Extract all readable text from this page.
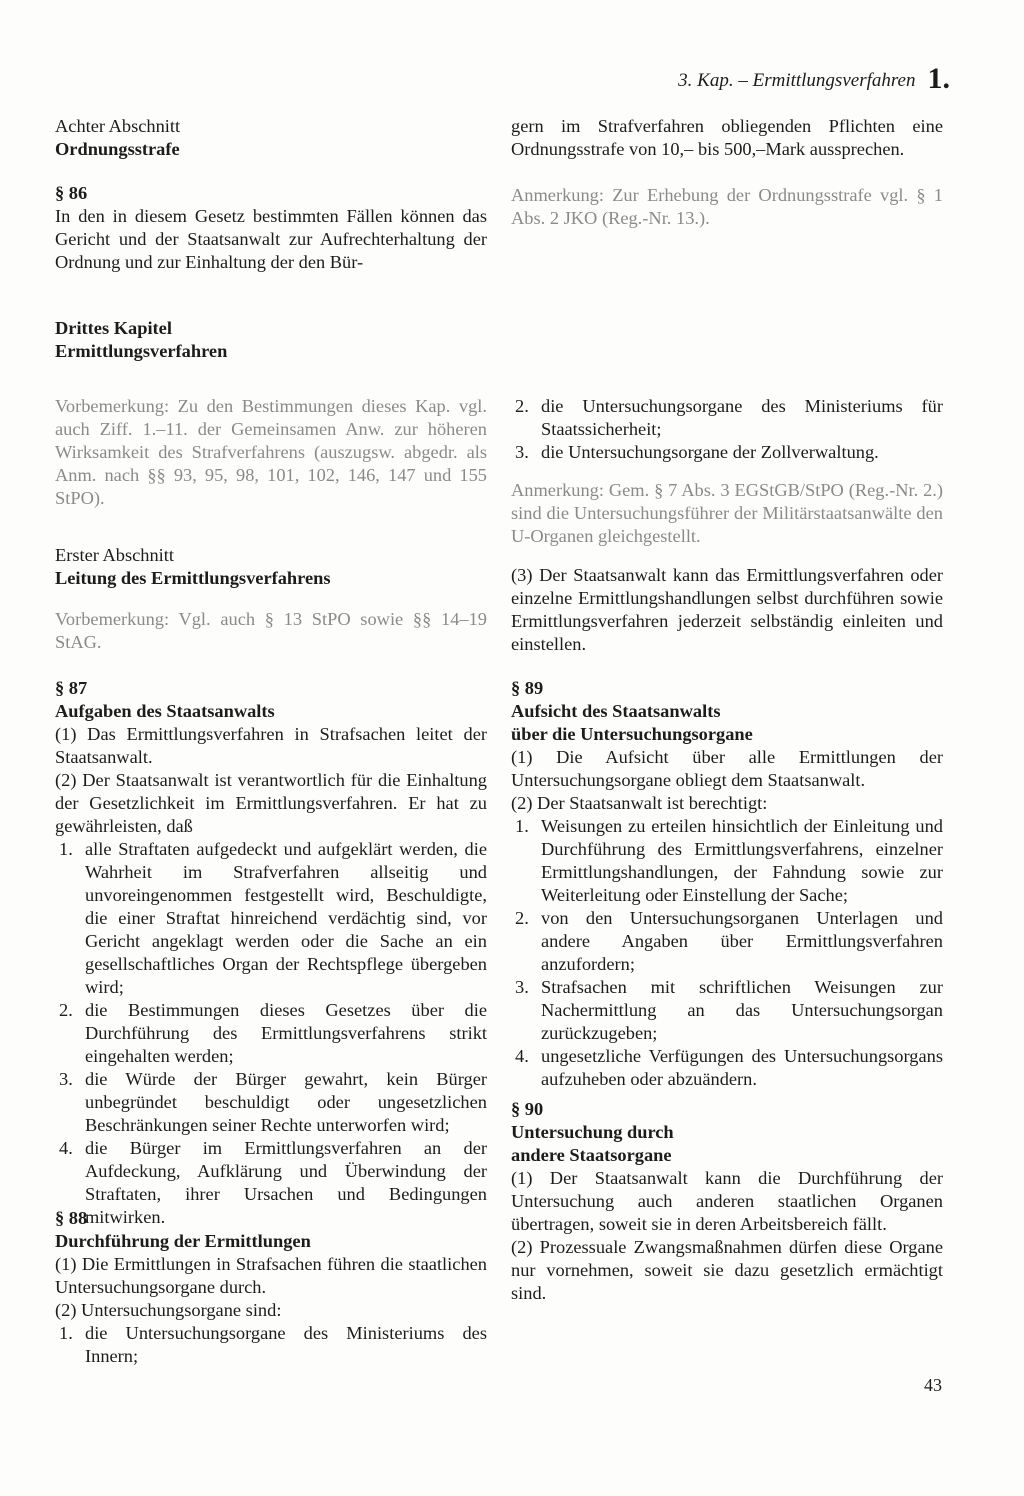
3. Kap. – Ermittlungsverfahren 1.
Achter Abschnitt
Ordnungsstrafe
§ 86

In den in diesem Gesetz bestimmten Fällen können das Gericht und der Staatsanwalt zur Aufrechterhaltung der Ordnung und zur Einhaltung der den Bür-

gern im Strafverfahren obliegenden Pflichten eine Ordnungsstrafe von 10,– bis 500,–Mark aussprechen.

Anmerkung: Zur Erhebung der Ordnungsstrafe vgl. § 1 Abs. 2 JKO (Reg.-Nr. 13.).

Drittes Kapitel
Ermittlungsverfahren

Vorbemerkung: Zu den Bestimmungen dieses Kap. vgl. auch Ziff. 1.–11. der Gemeinsamen Anw. zur höheren Wirksamkeit des Strafverfahrens (auszugsw. abgedr. als Anm. nach §§ 93, 95, 98, 101, 102, 146, 147 und 155 StPO).

Erster Abschnitt
Leitung des Ermittlungsverfahrens

Vorbemerkung: Vgl. auch § 13 StPO sowie §§ 14–19 StAG.

§ 87
Aufgaben des Staatsanwalts

(1) Das Ermittlungsverfahren in Strafsachen leitet der Staatsanwalt.

(2) Der Staatsanwalt ist verantwortlich für die Einhaltung der Gesetzlichkeit im Ermittlungsverfahren. Er hat zu gewährleisten, daß

1. alle Straftaten aufgedeckt und aufgeklärt werden, die Wahrheit im Strafverfahren allseitig und unvoreingenommen festgestellt wird, Beschuldigte, die einer Straftat hinreichend verdächtig sind, vor Gericht angeklagt werden oder die Sache an ein gesellschaftliches Organ der Rechtspflege übergeben wird;
2. die Bestimmungen dieses Gesetzes über die Durchführung des Ermittlungsverfahrens strikt eingehalten werden;
3. die Würde der Bürger gewahrt, kein Bürger unbegründet beschuldigt oder ungesetzlichen Beschränkungen seiner Rechte unterworfen wird;
4. die Bürger im Ermittlungsverfahren an der Aufdeckung, Aufklärung und Überwindung der Straftaten, ihrer Ursachen und Bedingungen mitwirken.
§ 88
Durchführung der Ermittlungen

(1) Die Ermittlungen in Strafsachen führen die staatlichen Untersuchungsorgane durch.

(2) Untersuchungsorgane sind:

1. die Untersuchungsorgane des Ministeriums des Innern;
2. die Untersuchungsorgane des Ministeriums für Staatssicherheit;
3. die Untersuchungsorgane der Zollverwaltung.

Anmerkung: Gem. § 7 Abs. 3 EGStGB/StPO (Reg.-Nr. 2.) sind die Untersuchungsführer der Militärstaatsanwälte den U-Organen gleichgestellt.

(3) Der Staatsanwalt kann das Ermittlungsverfahren oder einzelne Ermittlungshandlungen selbst durchführen sowie Ermittlungsverfahren jederzeit selbständig einleiten und einstellen.

§ 89
Aufsicht des Staatsanwalts
über die Untersuchungsorgane

(1) Die Aufsicht über alle Ermittlungen der Untersuchungsorgane obliegt dem Staatsanwalt.

(2) Der Staatsanwalt ist berechtigt:

1. Weisungen zu erteilen hinsichtlich der Einleitung und Durchführung des Ermittlungsverfahrens, einzelner Ermittlungshandlungen, der Fahndung sowie zur Weiterleitung oder Einstellung der Sache;
2. von den Untersuchungsorganen Unterlagen und andere Angaben über Ermittlungsverfahren anzufordern;
3. Strafsachen mit schriftlichen Weisungen zur Nachermittlung an das Untersuchungsorgan zurückzugeben;
4. ungesetzliche Verfügungen des Untersuchungsorgans aufzuheben oder abzuändern.
§ 90
Untersuchung durch
andere Staatsorgane

(1) Der Staatsanwalt kann die Durchführung der Untersuchung auch anderen staatlichen Organen übertragen, soweit sie in deren Arbeitsbereich fällt.

(2) Prozessuale Zwangsmaßnahmen dürfen diese Organe nur vornehmen, soweit sie dazu gesetzlich ermächtigt sind.

43
